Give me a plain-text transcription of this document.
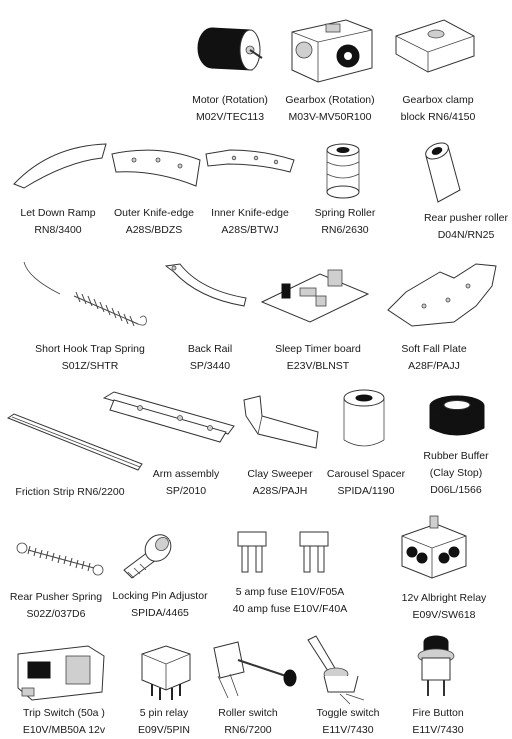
Motor (Rotation)
M02V/TEC113
Gearbox (Rotation)
M03V-MV50R100
Gearbox clamp
block RN6/4150
Let Down Ramp
RN8/3400
Outer Knife-edge
A28S/BDZS
Inner Knife-edge
A28S/BTWJ
Spring Roller
RN6/2630
Rear pusher roller
D04N/RN25
Short Hook Trap Spring
S01Z/SHTR
Back Rail
SP/3440
Sleep Timer board
E23V/BLNST
Soft Fall Plate
A28F/PAJJ
Friction Strip RN6/2200
Arm assembly
SP/2010
Clay Sweeper
A28S/PAJH
Carousel Spacer
SPIDA/1190
Rubber Buffer
(Clay Stop)
D06L/1566
Rear Pusher Spring
S02Z/037D6
Locking Pin Adjustor
SPIDA/4465
5 amp fuse E10V/F05A
40 amp fuse E10V/F40A
12v Albright Relay
E09V/SW618
Trip Switch (50a )
E10V/MB50A 12v
5 pin relay
E09V/5PIN
Roller switch
RN6/7200
Toggle switch
E11V/7430
Fire Button
E11V/7430
